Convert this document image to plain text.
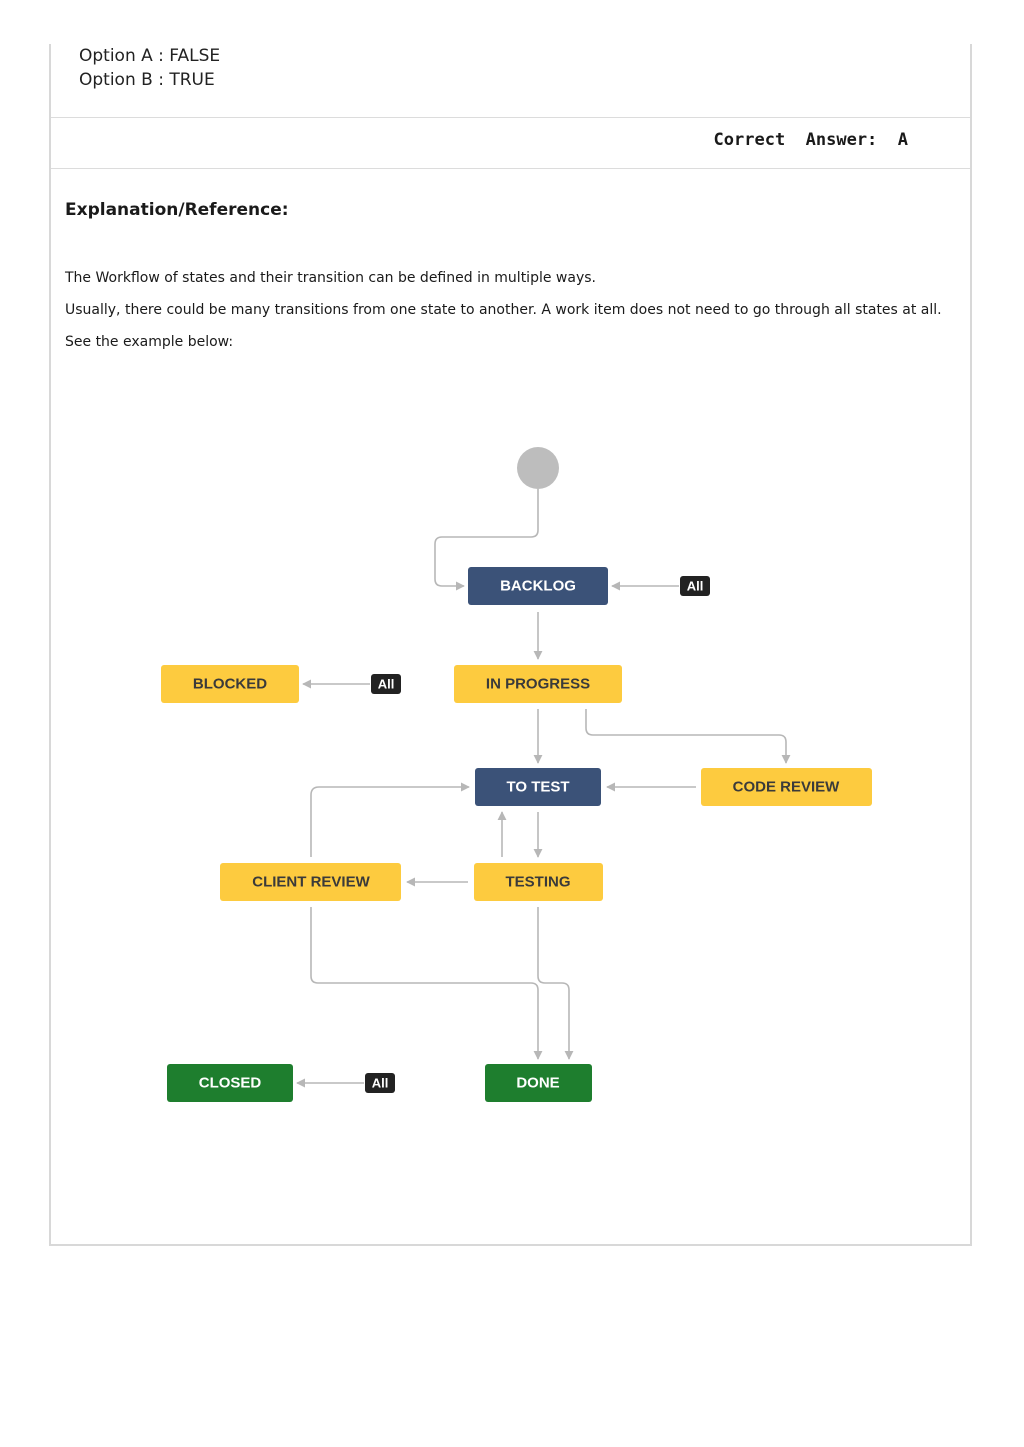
Option A : FALSE
Option B : TRUE
Correct  Answer:  A
Explanation/Reference:
The Workflow of states and their transition can be defined in multiple ways.
Usually, there could be many transitions from one state to another. A work item does not need to go through all states at all.
See the example below:
BACKLOG	All
IN PROGRESS
BLOCKED	All
TO TEST	CODE REVIEW
CLIENT REVIEW	TESTING
CLOSED	All	DONE
